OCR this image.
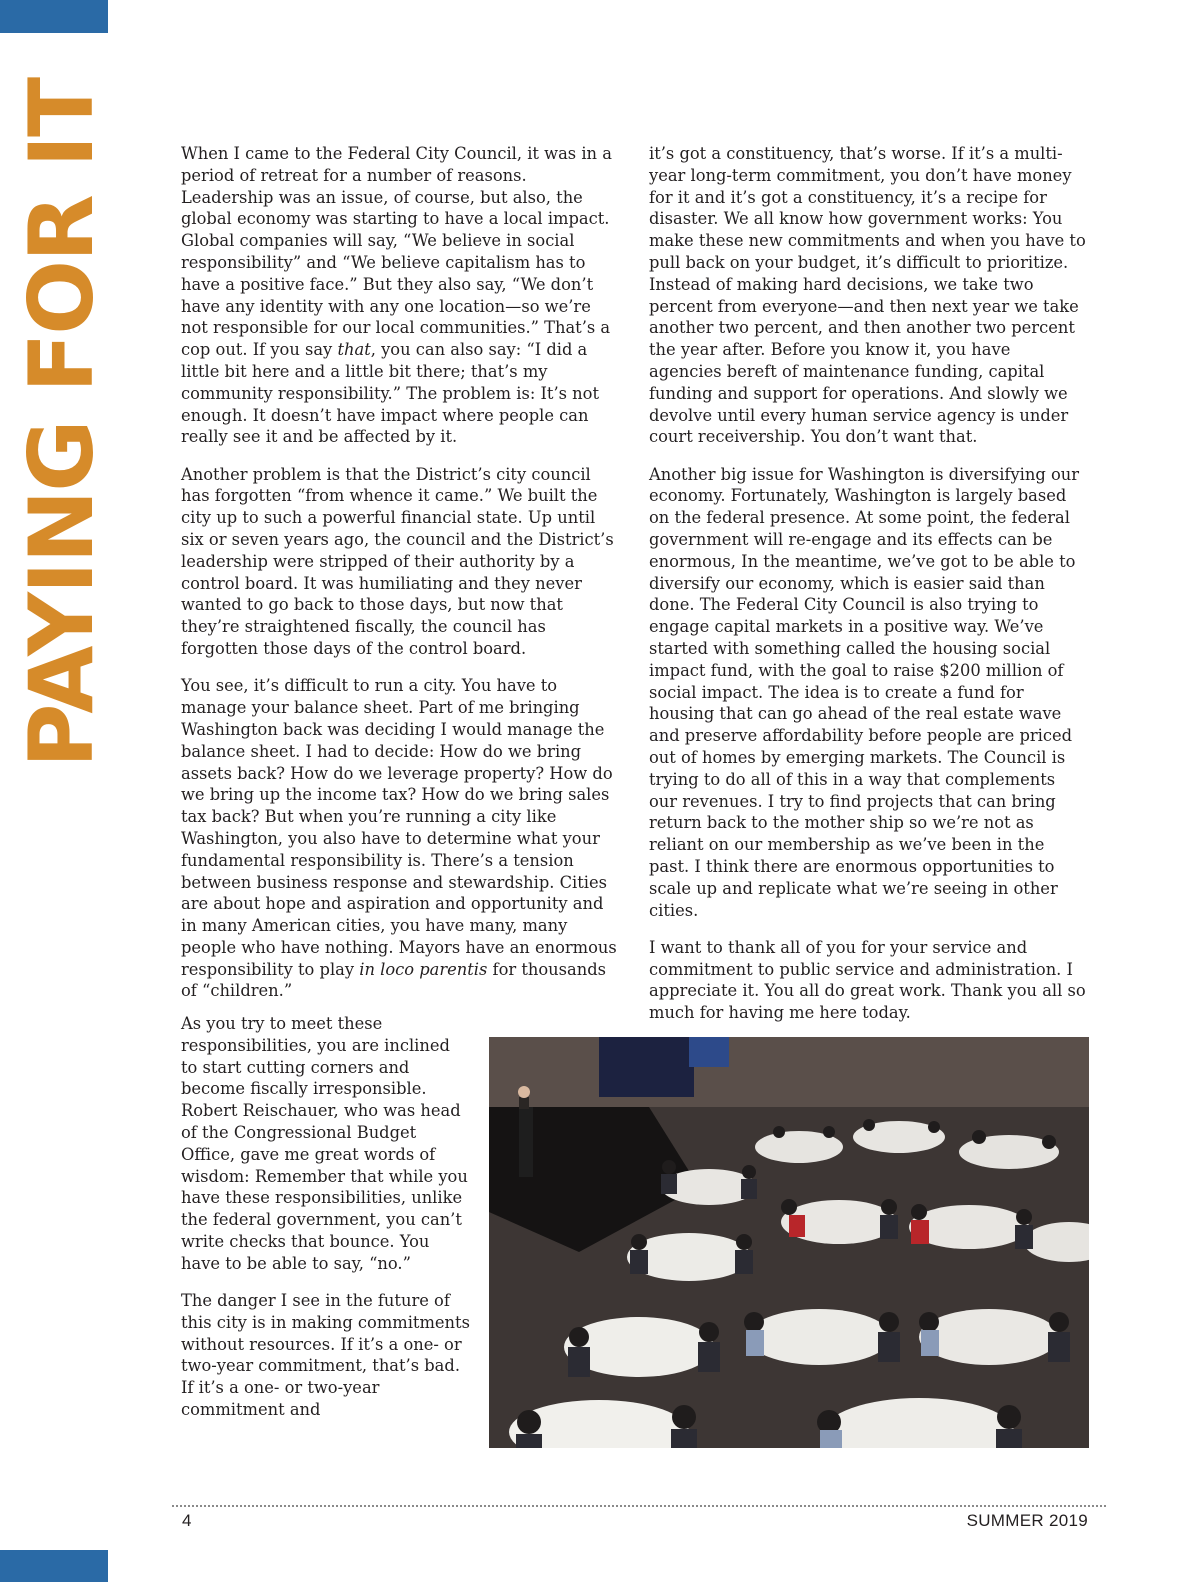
PAYING FOR IT	When I came to the Federal City Council, it was in a period of retreat for a number of reasons. Leadership was an issue, of course, but also, the global economy was starting to have a local impact. Global companies will say, “We believe in social responsibility” and “We believe capitalism has to have a positive face.” But they also say, “We don’t have any identity with any one location—so we’re not responsible for our local communities.” That’s a cop out. If you say that, you can also say: “I did a little bit here and a little bit there; that’s my community responsibility.” The problem is: It’s not enough. It doesn’t have impact where people can really see it and be affected by it.

Another problem is that the District’s city council has forgotten “from whence it came.” We built the city up to such a powerful financial state. Up until six or seven years ago, the council and the District’s leadership were stripped of their authority by a control board. It was humiliating and they never wanted to go back to those days, but now that they’re straightened fiscally, the council has forgotten those days of the control board.

You see, it’s difficult to run a city. You have to manage your balance sheet. Part of me bringing Washington back was deciding I would manage the balance sheet. I had to decide: How do we bring assets back? How do we leverage property? How do we bring up the income tax? How do we bring sales tax back? But when you’re running a city like Washington, you also have to determine what your fundamental responsibility is. There’s a tension between business response and stewardship. Cities are about hope and aspiration and opportunity and in many American cities, you have many, many people who have nothing. Mayors have an enormous responsibility to play in loco parentis for thousands of “children.”

it’s got a constituency, that’s worse. If it’s a multi-year long-term commitment, you don’t have money for it and it’s got a constituency, it’s a recipe for disaster. We all know how government works: You make these new commitments and when you have to pull back on your budget, it’s difficult to prioritize. Instead of making hard decisions, we take two percent from everyone—and then next year we take another two percent, and then another two percent the year after. Before you know it, you have agencies bereft of maintenance funding, capital funding and support for operations. And slowly we devolve until every human service agency is under court receivership. You don’t want that.

Another big issue for Washington is diversifying our economy. Fortunately, Washington is largely based on the federal presence. At some point, the federal government will re-engage and its effects can be enormous, In the meantime, we’ve got to be able to diversify our economy, which is easier said than done. The Federal City Council is also trying to engage capital markets in a positive way. We’ve started with something called the housing social impact fund, with the goal to raise $200 million of social impact. The idea is to create a fund for housing that can go ahead of the real estate wave and preserve affordability before people are priced out of homes by emerging markets. The Council is trying to do all of this in a way that complements our revenues. I try to find projects that can bring return back to the mother ship so we’re not as reliant on our membership as we’ve been in the past. I think there are enormous opportunities to scale up and replicate what we’re seeing in other cities.

I want to thank all of you for your service and commitment to public service and administration. I appreciate it. You all do great work. Thank you all so much for having me here today.

As you try to meet these responsibilities, you are inclined to start cutting corners and become fiscally irresponsible. Robert Reischauer, who was head of the Congressional Budget Office, gave me great words of wisdom: Remember that while you have these responsibilities, unlike the federal government, you can’t write checks that bounce. You have to be able to say, “no.”

The danger I see in the future of this city is in making commitments without resources. If it’s a one- or two-year commitment, that’s bad. If it’s a one- or two-year commitment and

4	SUMMER 2019
